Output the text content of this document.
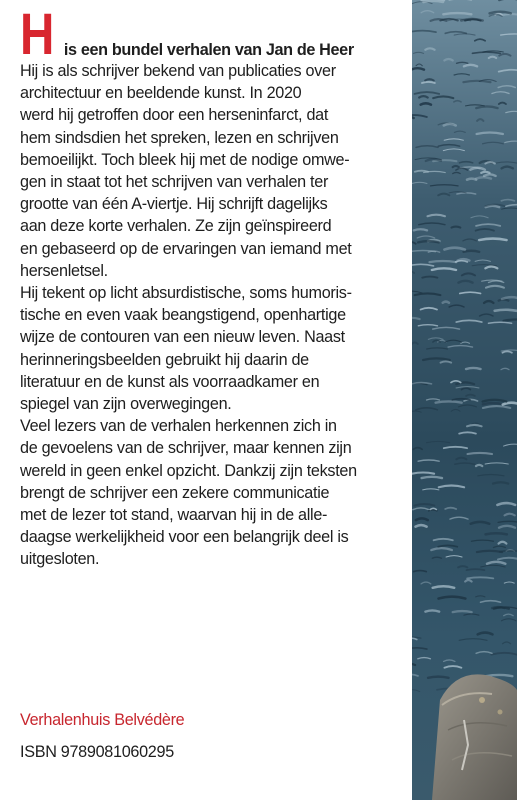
H is een bundel verhalen van Jan de Heer
Hij is als schrijver bekend van publicaties over
architectuur en beeldende kunst. In 2020
werd hij getroffen door een herseninfarct, dat
hem sindsdien het spreken, lezen en schrijven
bemoeilijkt. Toch bleek hij met de nodige omwe-
gen in staat tot het schrijven van verhalen ter
grootte van één A-viertje. Hij schrijft dagelijks
aan deze korte verhalen. Ze zijn geïnspireerd
en gebaseerd op de ervaringen van iemand met
hersenletsel.
Hij tekent op licht absurdistische, soms humoris-
tische en even vaak beangstigend, openhartige
wijze de contouren van een nieuw leven. Naast
herinneringsbeelden gebruikt hij daarin de
literatuur en de kunst als voorraadkamer en
spiegel van zijn overwegingen.
Veel lezers van de verhalen herkennen zich in
de gevoelens van de schrijver, maar kennen zijn
wereld in geen enkel opzicht. Dankzij zijn teksten
brengt de schrijver een zekere communicatie
met de lezer tot stand, waarvan hij in de alle-
daagse werkelijkheid voor een belangrijk deel is
uitgesloten.
Verhalenhuis Belvédère
ISBN 9789081060295
